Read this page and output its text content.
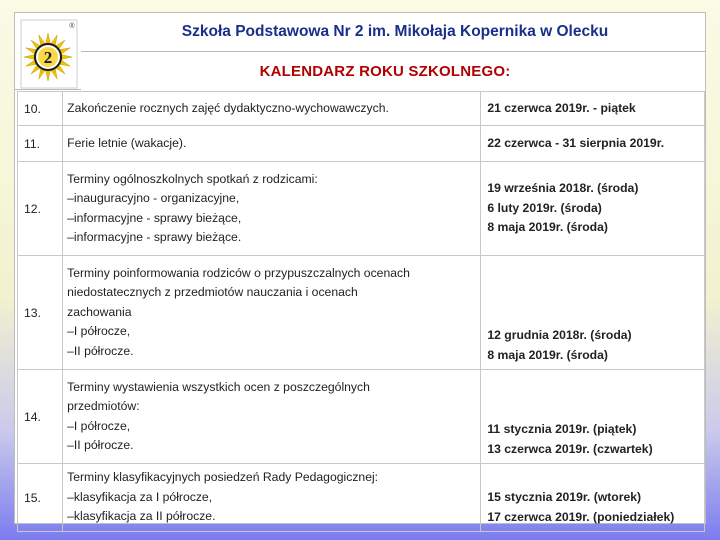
2
®	Szkoła Podstawowa Nr 2 im. Mikołaja Kopernika w Olecku
KALENDARZ ROKU SZKOLNEGO:
10.	Zakończenie rocznych zajęć dydaktyczno-wychowawczych.	21 czerwca 2019r. - piątek

11.	Ferie letnie (wakacje).	22 czerwca - 31 sierpnia 2019r.

12.	Terminy ogólnoszkolnych spotkań z rodzicami:
– inauguracyjno - organizacyjne,
– informacyjne - sprawy bieżące,
– informacyjne - sprawy bieżące.	19 września 2018r. (środa)
6 luty 2019r. (środa)
8 maja 2019r. (środa)

13.	Terminy poinformowania rodziców o przypuszczalnych ocenach
niedostatecznych z przedmiotów nauczania i ocenach
zachowania
– I półrocze,
– II półrocze.	12 grudnia 2018r. (środa)
8 maja 2019r. (środa)

14.	Terminy wystawienia wszystkich ocen z poszczególnych
przedmiotów:
– I półrocze,
– II półrocze.	11 stycznia 2019r. (piątek)
13 czerwca 2019r. (czwartek)

15.	Terminy klasyfikacyjnych posiedzeń Rady Pedagogicznej:
– klasyfikacja za I półrocze,
– klasyfikacja za II półrocze.	15 stycznia 2019r. (wtorek)
17 czerwca 2019r. (poniedziałek)
